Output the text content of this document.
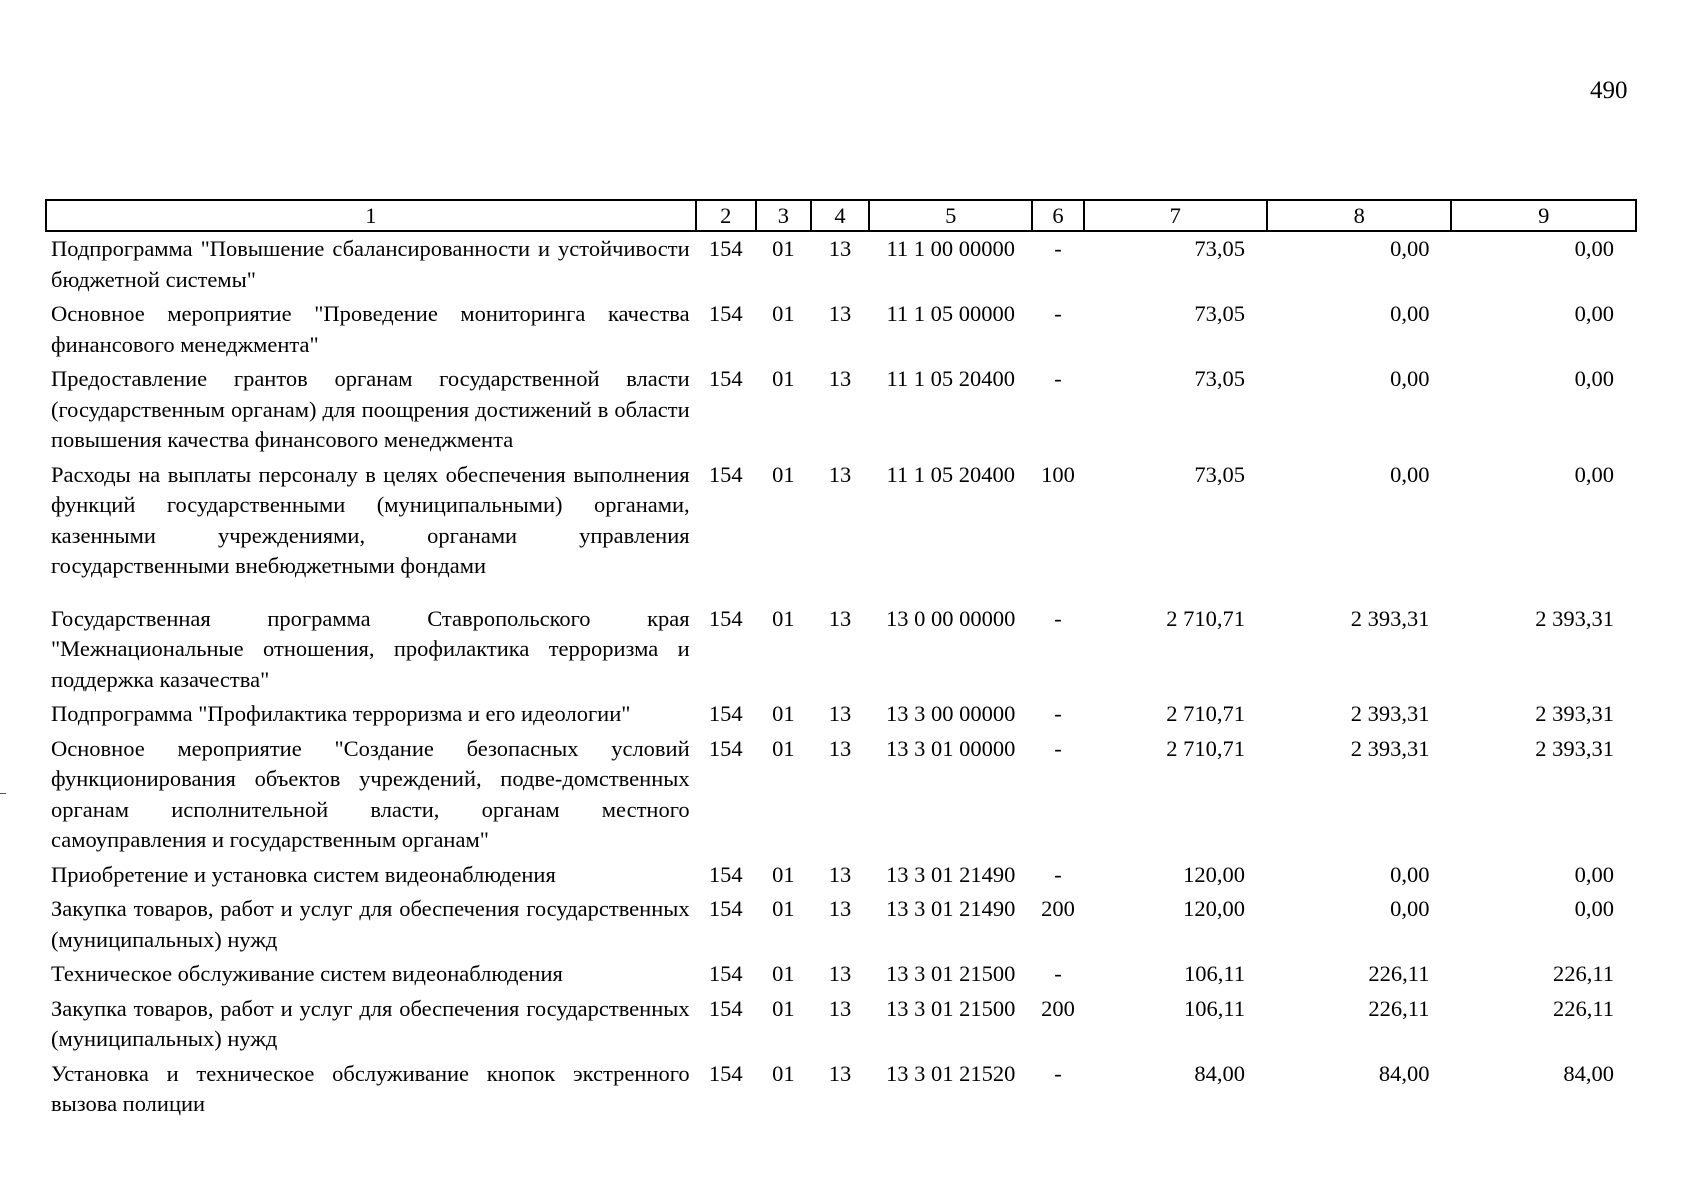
490
1	2	3	4	5	6	7	8	9
Подпрограмма "Повышение сбалансированности и устойчивости бюджетной системы"	154	01	13	11 1 00 00000	-	73,05	0,00	0,00
Основное мероприятие "Проведение мониторинга качества финансового менеджмента"	154	01	13	11 1 05 00000	-	73,05	0,00	0,00
Предоставление грантов органам государственной власти (государственным органам) для поощрения достижений в области повышения качества финансового менеджмента	154	01	13	11 1 05 20400	-	73,05	0,00	0,00
Расходы на выплаты персоналу в целях обеспечения выполнения функций государственными (муниципальными) органами, казенными учреждениями, органами управления государственными внебюджетными фондами	154	01	13	11 1 05 20400	100	73,05	0,00	0,00

Государственная программа Ставропольского края "Межнациональные отношения, профилактика терроризма и поддержка казачества"	154	01	13	13 0 00 00000	-	2 710,71	2 393,31	2 393,31
Подпрограмма "Профилактика терроризма и его идеологии"	154	01	13	13 3 00 00000	-	2 710,71	2 393,31	2 393,31
Основное мероприятие "Создание безопасных условий функционирования объектов учреждений, подве-домственных органам исполнительной власти, органам местного самоуправления и государственным органам"	154	01	13	13 3 01 00000	-	2 710,71	2 393,31	2 393,31
Приобретение и установка систем видеонаблюдения	154	01	13	13 3 01 21490	-	120,00	0,00	0,00
Закупка товаров, работ и услуг для обеспечения государственных (муниципальных) нужд	154	01	13	13 3 01 21490	200	120,00	0,00	0,00
Техническое обслуживание систем видеонаблюдения	154	01	13	13 3 01 21500	-	106,11	226,11	226,11
Закупка товаров, работ и услуг для обеспечения государственных (муниципальных) нужд	154	01	13	13 3 01 21500	200	106,11	226,11	226,11
Установка и техническое обслуживание кнопок экстренного вызова полиции	154	01	13	13 3 01 21520	-	84,00	84,00	84,00
